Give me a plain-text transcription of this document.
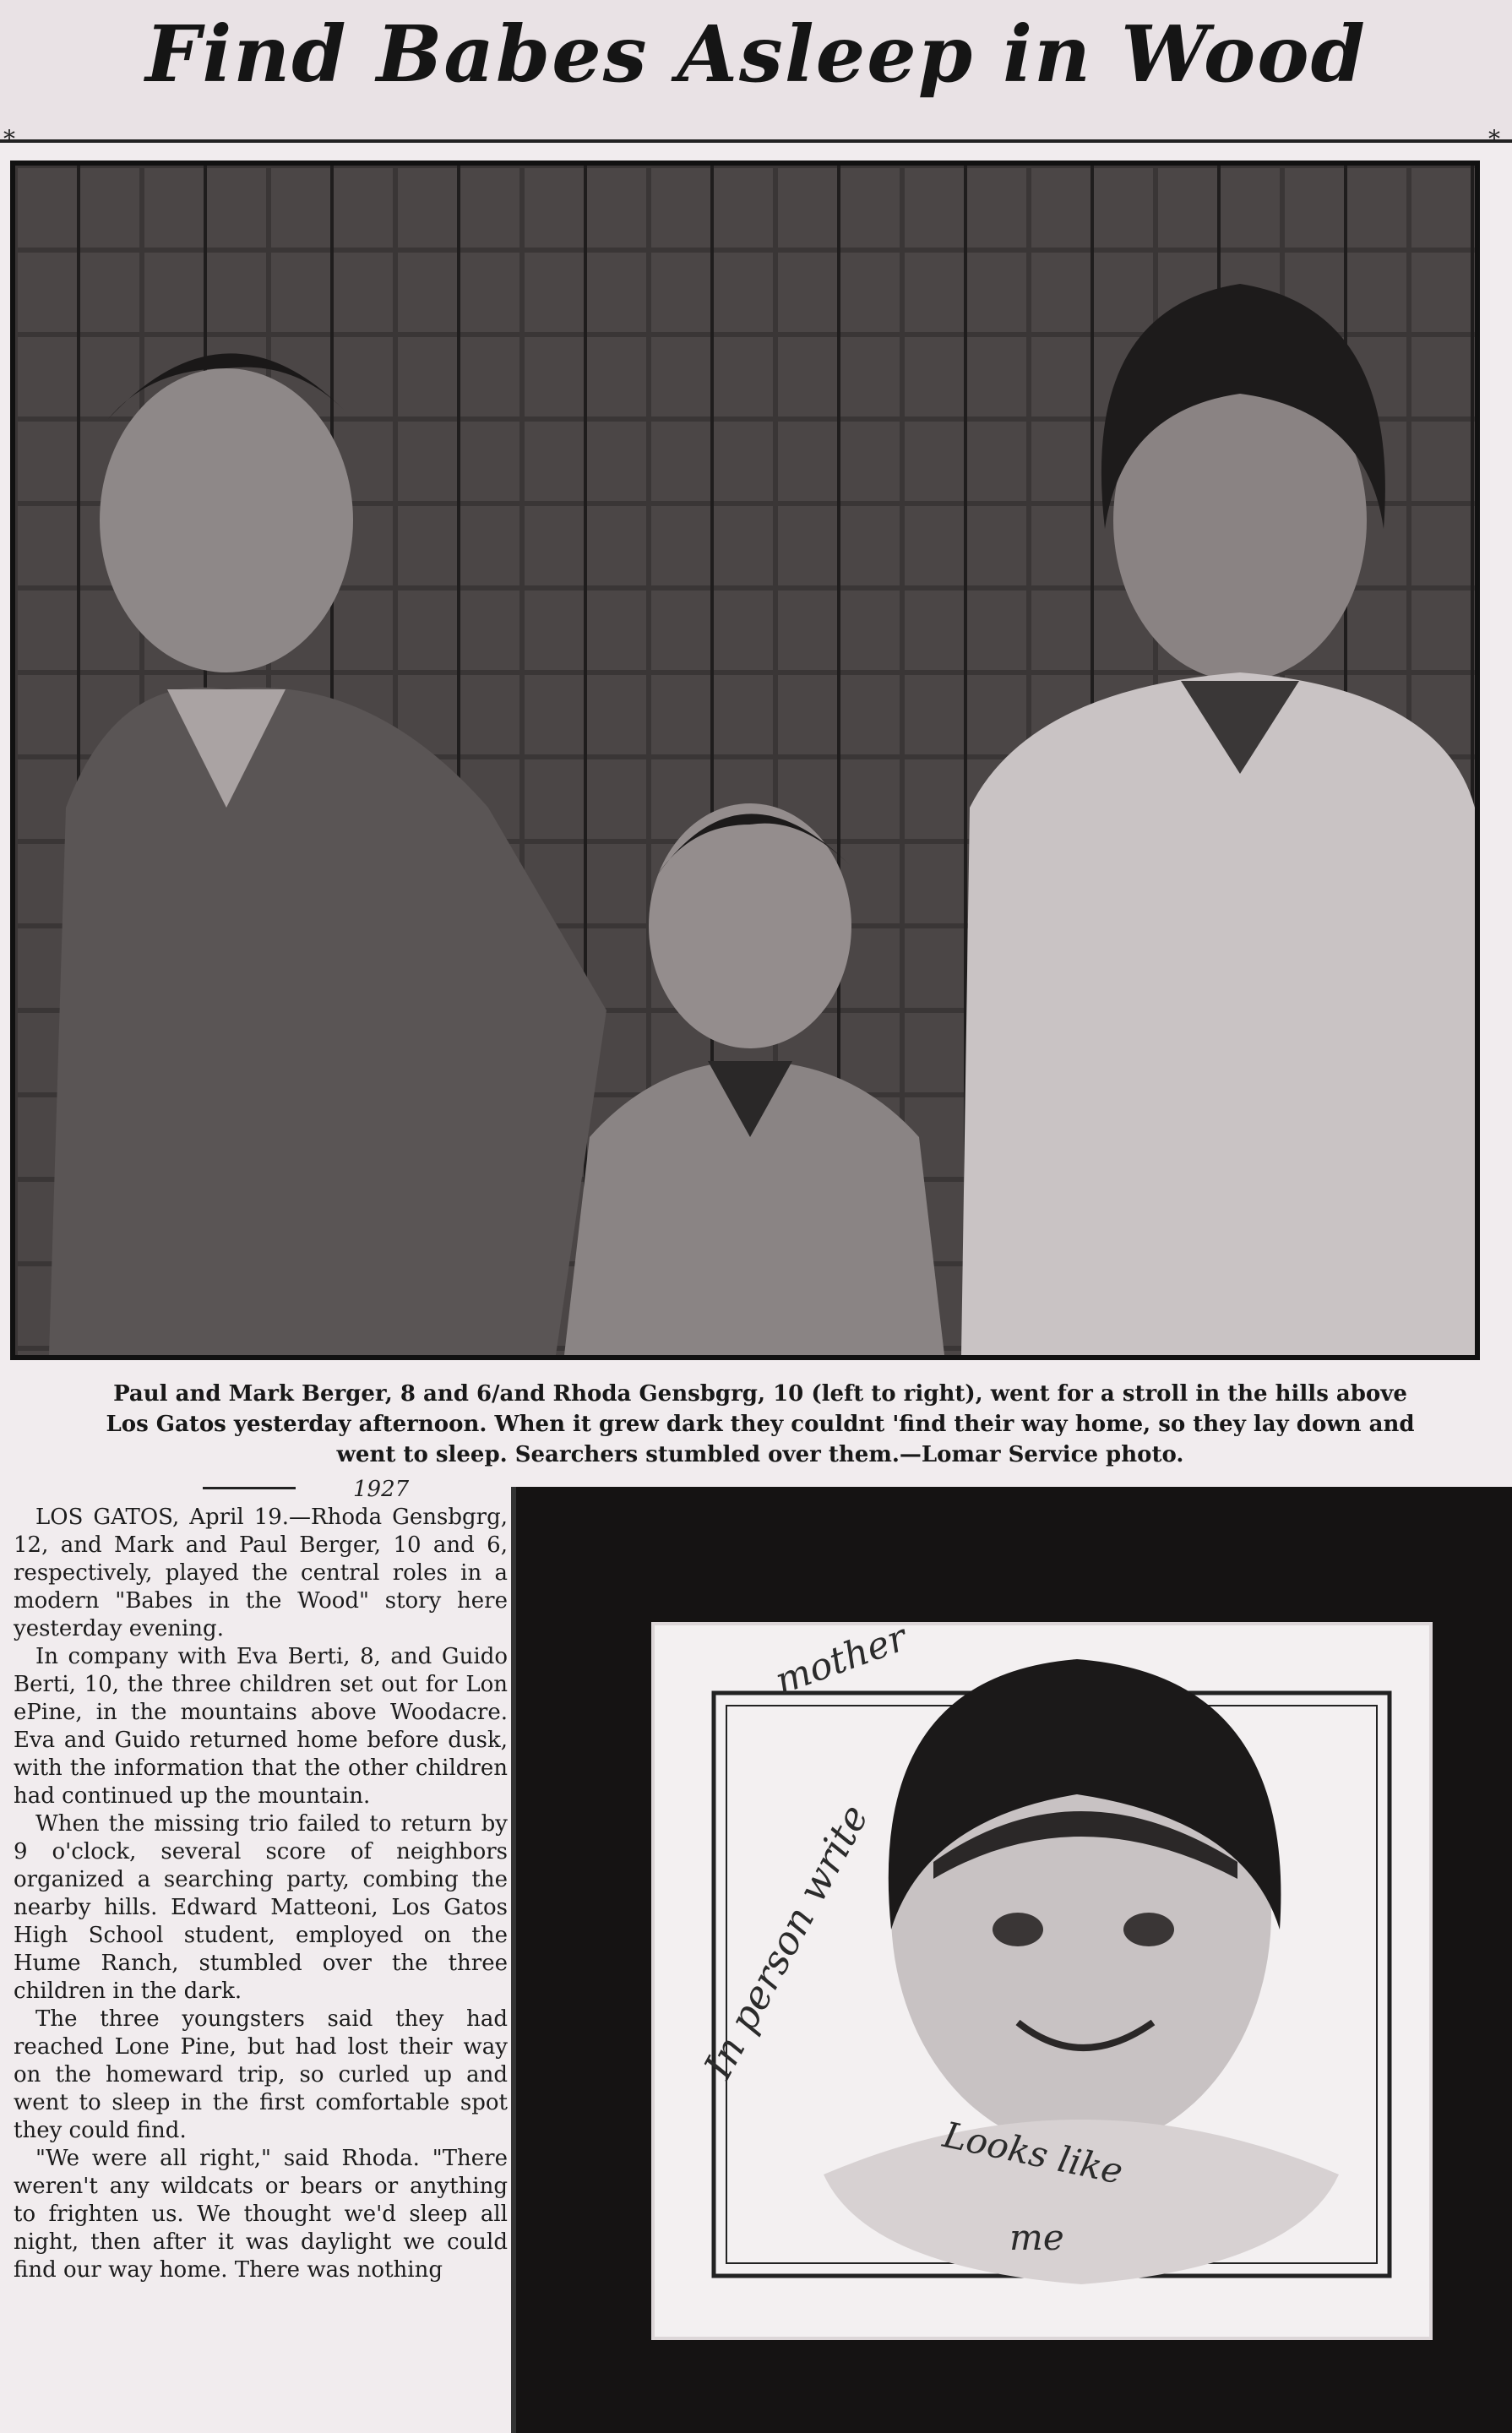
Find Babes Asleep in Wood
*	*
Paul and Mark Berger, 8 and 6/and Rhoda Gensbgrg, 10 (left to right), went for a stroll in the hills above
Los Gatos yesterday afternoon. When it grew dark they couldnt 'find their way home, so they lay down and
went to sleep. Searchers stumbled over them.—Lomar Service photo.
1927

LOS GATOS, April 19.—Rhoda Gensbgrg, 12, and Mark and Paul Berger, 10 and 6, respectively, played the central roles in a modern "Babes in the Wood" story here yesterday evening.

In company with Eva Berti, 8, and Guido Berti, 10, the three children set out for Lon ePine, in the mountains above Woodacre. Eva and Guido returned home before dusk, with the information that the other children had continued up the mountain.

When the missing trio failed to return by 9 o'clock, several score of neighbors organized a searching party, combing the nearby hills. Edward Matteoni, Los Gatos High School student, employed on the Hume Ranch, stumbled over the three children in the dark.

The three youngsters said they had reached Lone Pine, but had lost their way on the homeward trip, so curled up and went to sleep in the first comfortable spot they could find.

"We were all right," said Rhoda. "There weren't any wildcats or bears or anything to frighten us. We thought we'd sleep all night, then after it was daylight we could find our way home. There was nothing

mother
In person write
Looks like
me
